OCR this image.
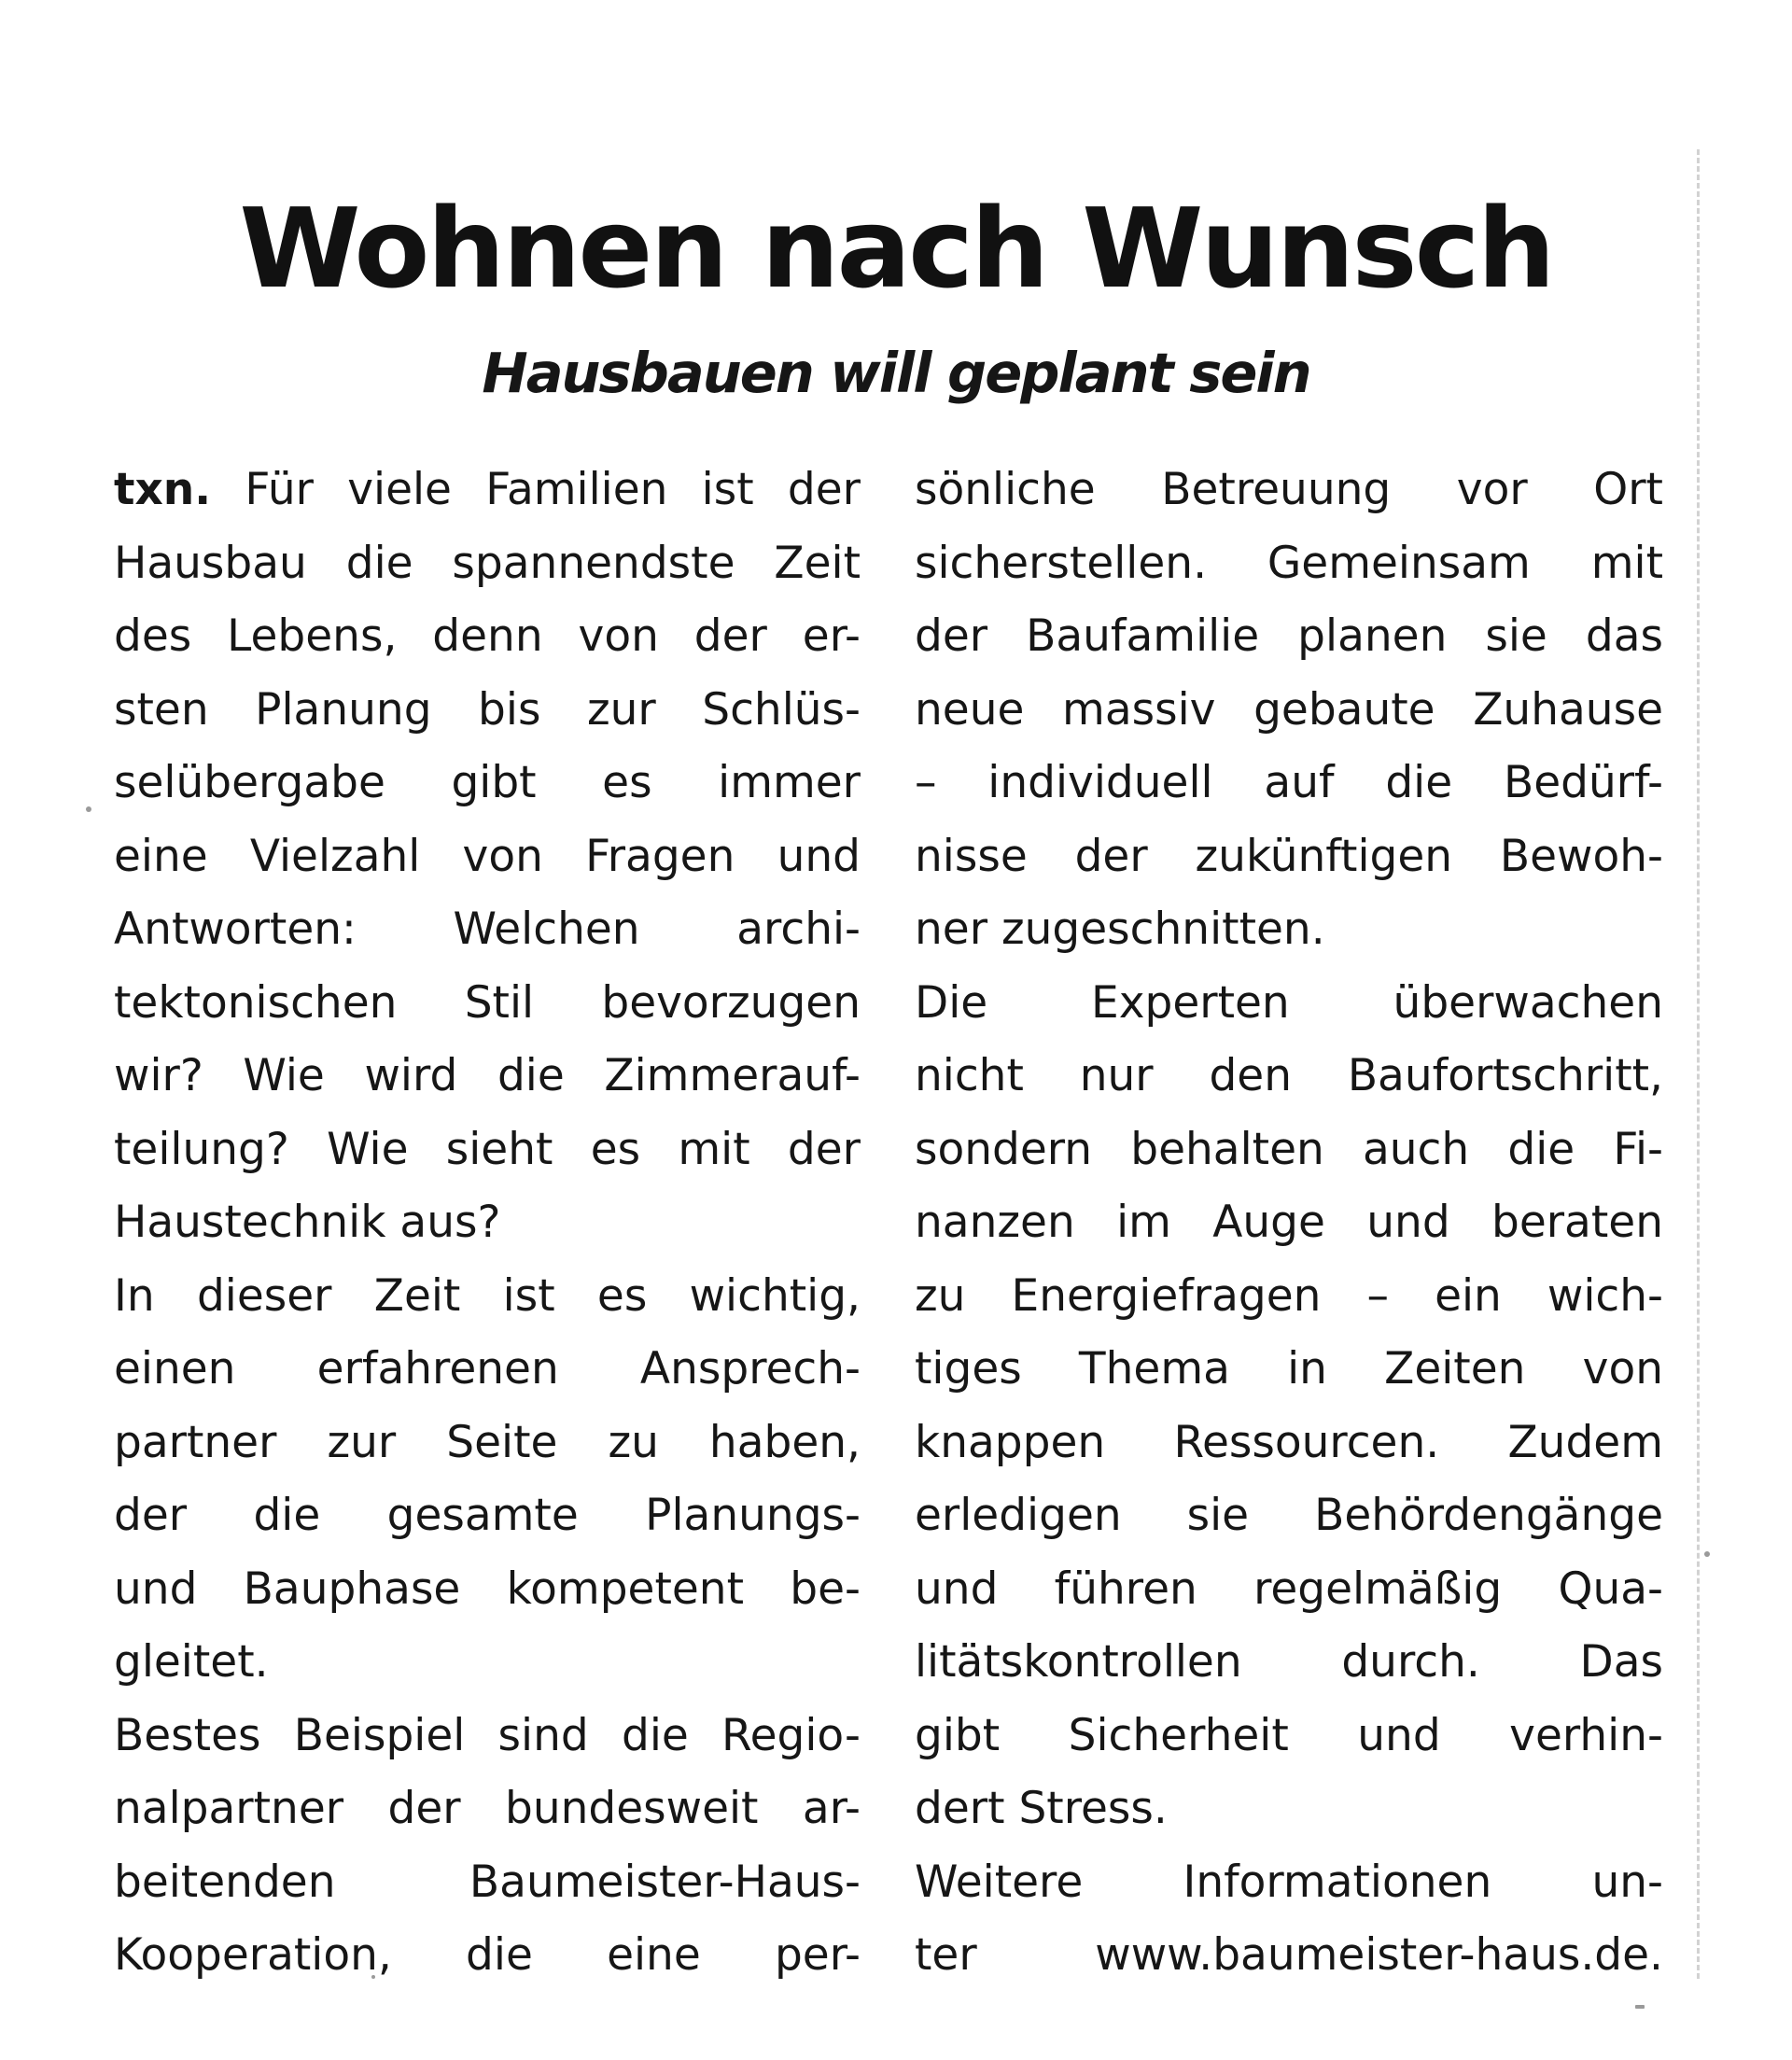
Wohnen nach Wunsch
Hausbauen will geplant sein
txn. Für viele Familien ist der
Hausbau die spannendste Zeit
des Lebens, denn von der er-
sten Planung bis zur Schlüs-
selübergabe gibt es immer
eine Vielzahl von Fragen und
Antworten: Welchen archi-
tektonischen Stil bevorzugen
wir? Wie wird die Zimmerauf-
teilung? Wie sieht es mit der
Haustechnik aus?
In dieser Zeit ist es wichtig,
einen erfahrenen Ansprech-
partner zur Seite zu haben,
der die gesamte Planungs-
und Bauphase kompetent be-
gleitet.
Bestes Beispiel sind die Regio-
nalpartner der bundesweit ar-
beitenden Baumeister-Haus-
Kooperation, die eine per-
sönliche Betreuung vor Ort
sicherstellen. Gemeinsam mit
der Baufamilie planen sie das
neue massiv gebaute Zuhause
– individuell auf die Bedürf-
nisse der zukünftigen Bewoh-
ner zugeschnitten.
Die Experten überwachen
nicht nur den Baufortschritt,
sondern behalten auch die Fi-
nanzen im Auge und beraten
zu Energiefragen – ein wich-
tiges Thema in Zeiten von
knappen Ressourcen. Zudem
erledigen sie Behördengänge
und führen regelmäßig Qua-
litätskontrollen durch. Das
gibt Sicherheit und verhin-
dert Stress.
Weitere Informationen un-
ter www.baumeister-haus.de.
